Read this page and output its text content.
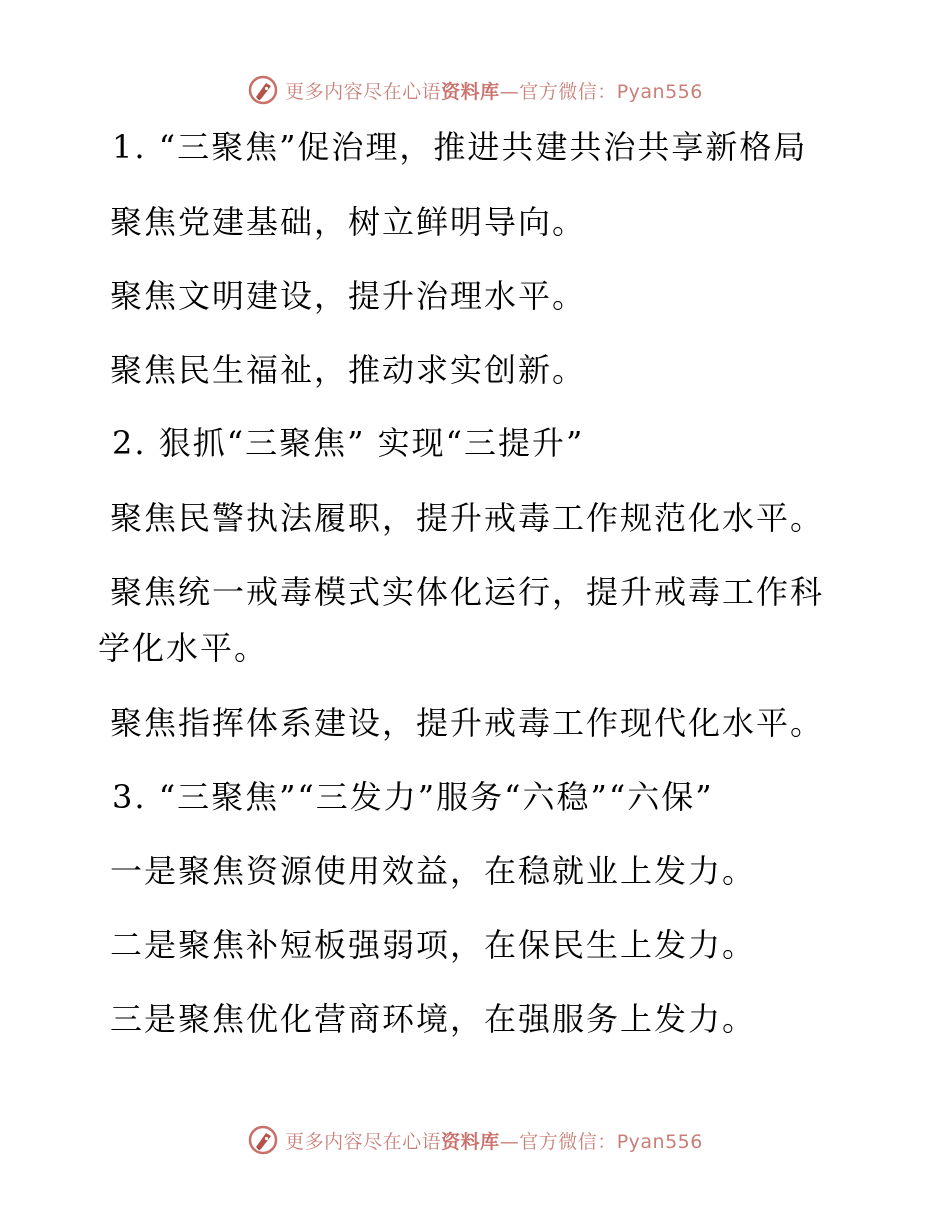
更多内容尽在心语资料库—官方微信：Pyan556
1. “三聚焦”促治理，推进共建共治共享新格局
聚焦党建基础，树立鲜明导向。
聚焦文明建设，提升治理水平。
聚焦民生福祉，推动求实创新。
2. 狠抓“三聚焦” 实现“三提升”
聚焦民警执法履职，提升戒毒工作规范化水平。
聚焦统一戒毒模式实体化运行，提升戒毒工作科
学化水平。
聚焦指挥体系建设，提升戒毒工作现代化水平。
3. “三聚焦”“三发力”服务“六稳”“六保”
一是聚焦资源使用效益，在稳就业上发力。
二是聚焦补短板强弱项，在保民生上发力。
三是聚焦优化营商环境，在强服务上发力。
更多内容尽在心语资料库—官方微信：Pyan556
